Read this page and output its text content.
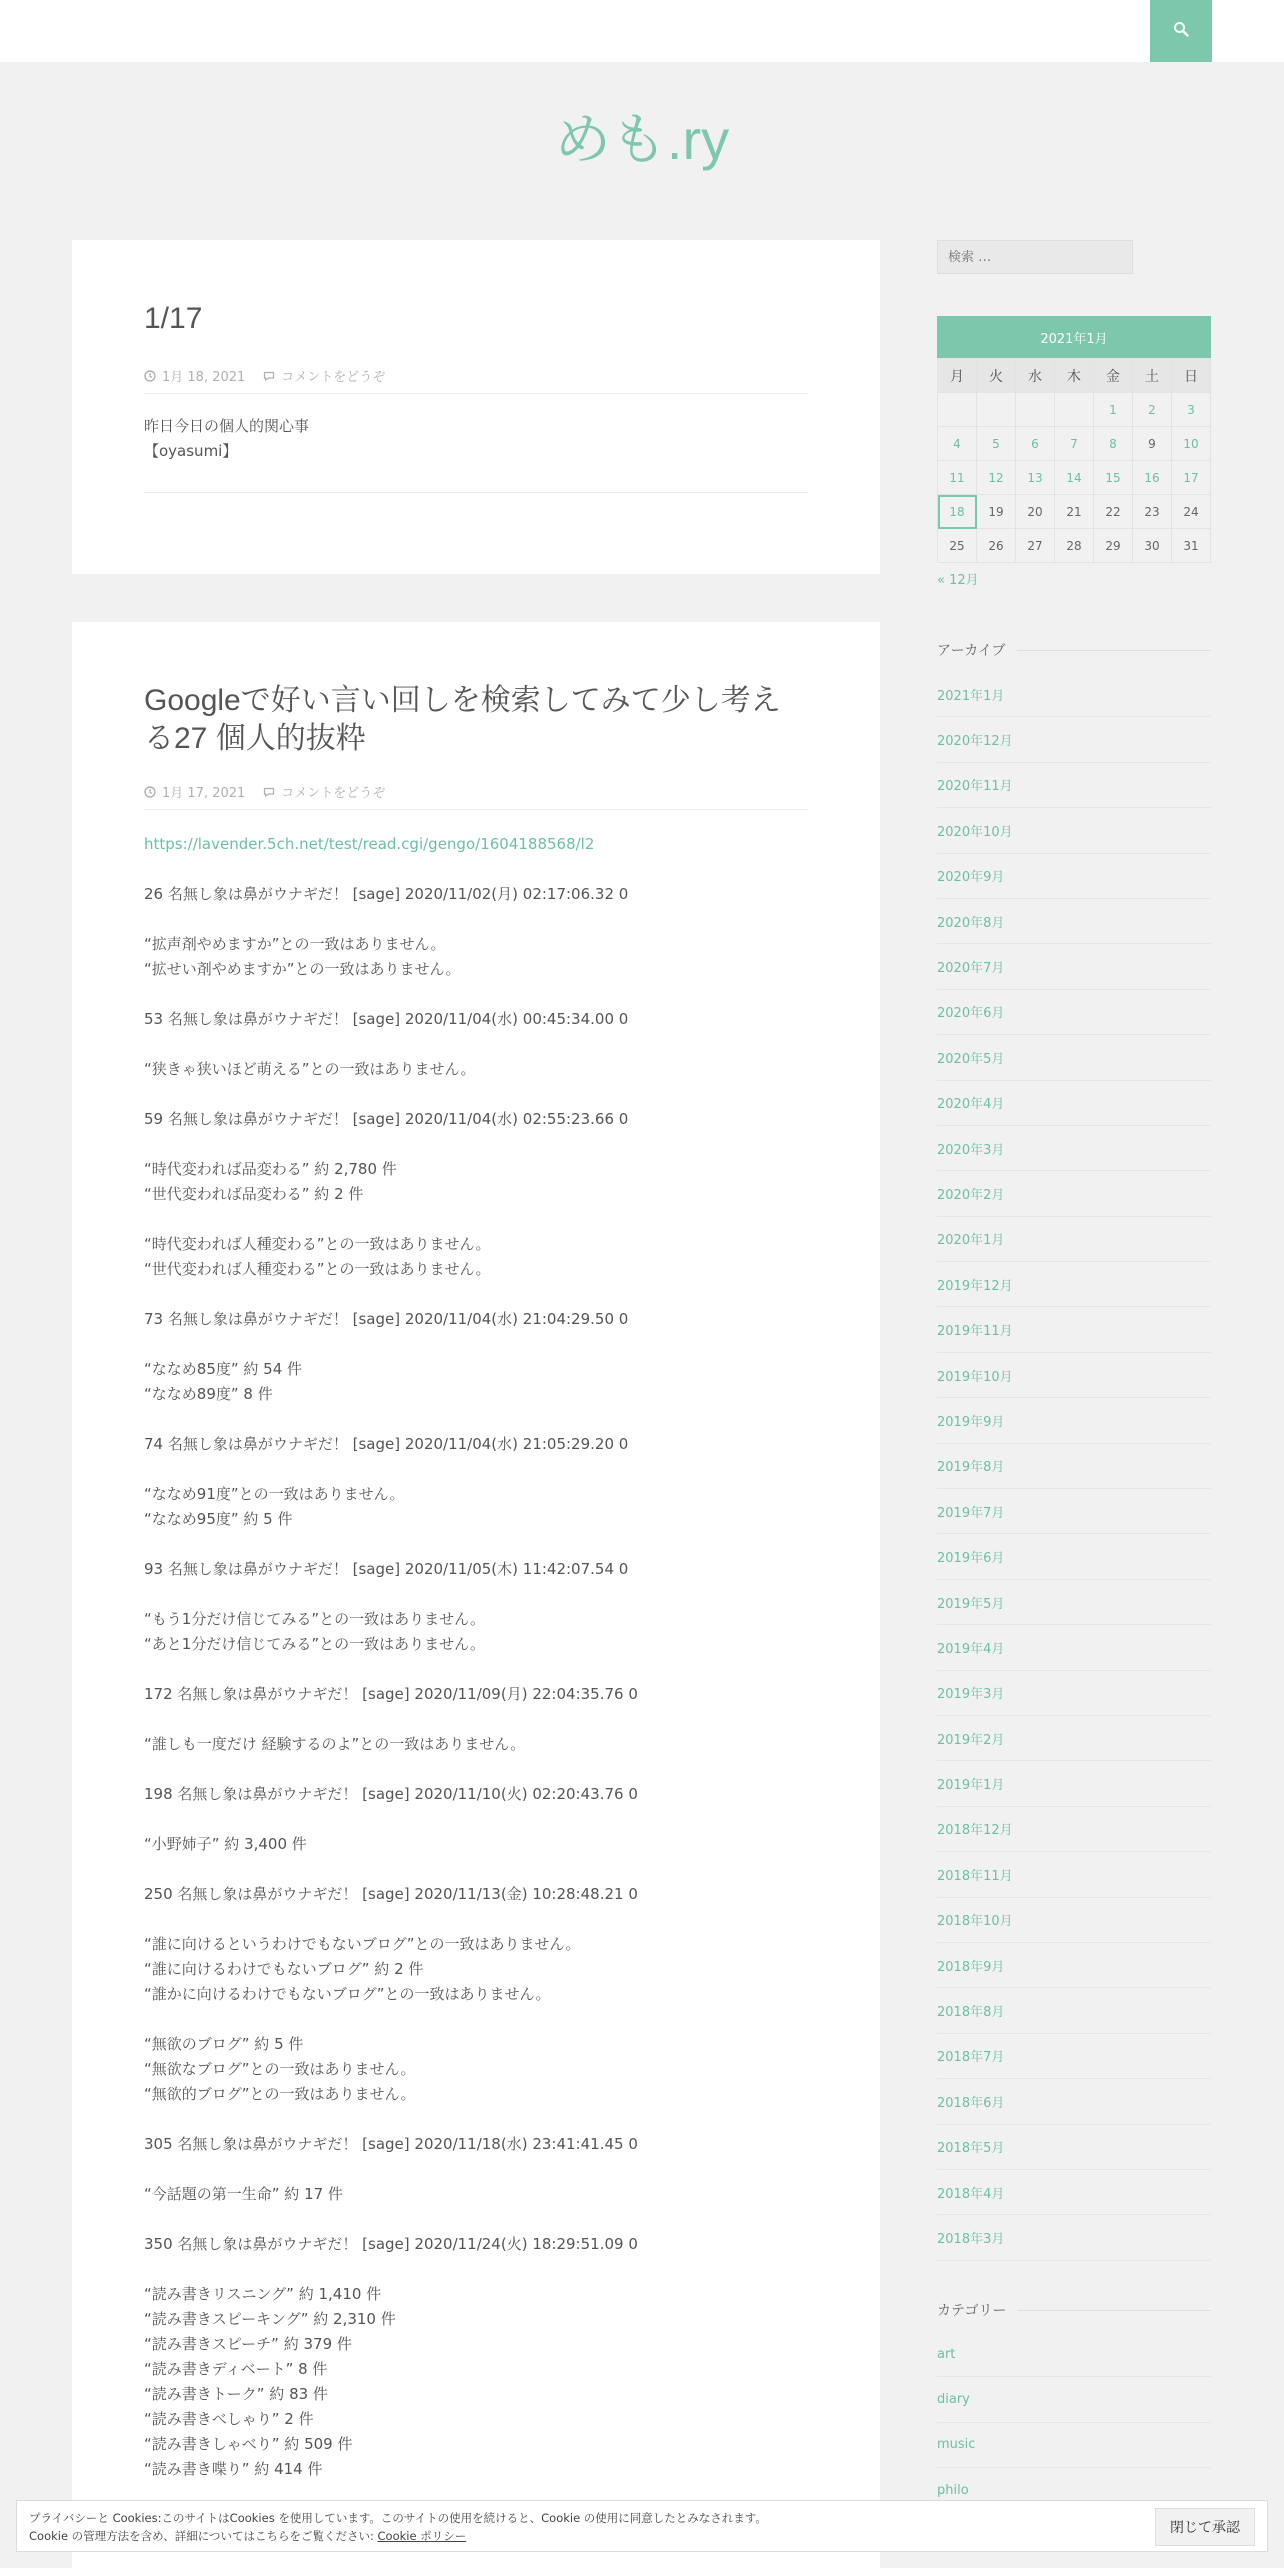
めも.ry
1/17
1月 18, 2021	コメントをどうぞ
昨日今日の個人的関心事
【oyasumi】
Googleで好い言い回しを検索してみて少し考える27 個人的抜粋
1月 17, 2021	コメントをどうぞ
https://lavender.5ch.net/test/read.cgi/gengo/1604188568/l2
26 名無し象は鼻がウナギだ！ [sage] 2020/11/02(月) 02:17:06.32 0
“拡声剤やめますか”との一致はありません。
“拡せい剤やめますか”との一致はありません。
53 名無し象は鼻がウナギだ！ [sage] 2020/11/04(水) 00:45:34.00 0
“狭きゃ狭いほど萌える”との一致はありません。
59 名無し象は鼻がウナギだ！ [sage] 2020/11/04(水) 02:55:23.66 0
“時代変われば品変わる” 約 2,780 件
“世代変われば品変わる” 約 2 件
“時代変われば人種変わる”との一致はありません。
“世代変われば人種変わる”との一致はありません。
73 名無し象は鼻がウナギだ！ [sage] 2020/11/04(水) 21:04:29.50 0
“ななめ85度” 約 54 件
“ななめ89度” 8 件
74 名無し象は鼻がウナギだ！ [sage] 2020/11/04(水) 21:05:29.20 0
“ななめ91度”との一致はありません。
“ななめ95度” 約 5 件
93 名無し象は鼻がウナギだ！ [sage] 2020/11/05(木) 11:42:07.54 0
“もう1分だけ信じてみる”との一致はありません。
“あと1分だけ信じてみる”との一致はありません。
172 名無し象は鼻がウナギだ！ [sage] 2020/11/09(月) 22:04:35.76 0
“誰しも一度だけ 経験するのよ”との一致はありません。
198 名無し象は鼻がウナギだ！ [sage] 2020/11/10(火) 02:20:43.76 0
“小野姉子” 約 3,400 件
250 名無し象は鼻がウナギだ！ [sage] 2020/11/13(金) 10:28:48.21 0
“誰に向けるというわけでもないブログ”との一致はありません。
“誰に向けるわけでもないブログ” 約 2 件
“誰かに向けるわけでもないブログ”との一致はありません。
“無欲のブログ” 約 5 件
“無欲なブログ”との一致はありません。
“無欲的ブログ”との一致はありません。
305 名無し象は鼻がウナギだ！ [sage] 2020/11/18(水) 23:41:41.45 0
“今話題の第一生命” 約 17 件
350 名無し象は鼻がウナギだ！ [sage] 2020/11/24(火) 18:29:51.09 0
“読み書きリスニング” 約 1,410 件
“読み書きスピーキング” 約 2,310 件
“読み書きスピーチ” 約 379 件
“読み書きディベート” 8 件
“読み書きトーク” 約 83 件
“読み書きべしゃり” 2 件
“読み書きしゃべり” 約 509 件
“読み書き喋り” 約 414 件
検索 …
2021年1月
月	火	水	木	金	土	日
				1	2	3
4	5	6	7	8	9	10
11	12	13	14	15	16	17
18	19	20	21	22	23	24
25	26	27	28	29	30	31
« 12月
アーカイブ
2021年1月
2020年12月
2020年11月
2020年10月
2020年9月
2020年8月
2020年7月
2020年6月
2020年5月
2020年4月
2020年3月
2020年2月
2020年1月
2019年12月
2019年11月
2019年10月
2019年9月
2019年8月
2019年7月
2019年6月
2019年5月
2019年4月
2019年3月
2019年2月
2019年1月
2018年12月
2018年11月
2018年10月
2018年9月
2018年8月
2018年7月
2018年6月
2018年5月
2018年4月
2018年3月
カテゴリー
art
diary
music
philo
プライバシーと Cookies:このサイトはCookies を使用しています。このサイトの使用を続けると、Cookie の使用に同意したとみなされます。
Cookie の管理方法を含め、詳細についてはこちらをご覧ください: Cookie ポリシー	閉じて承認
